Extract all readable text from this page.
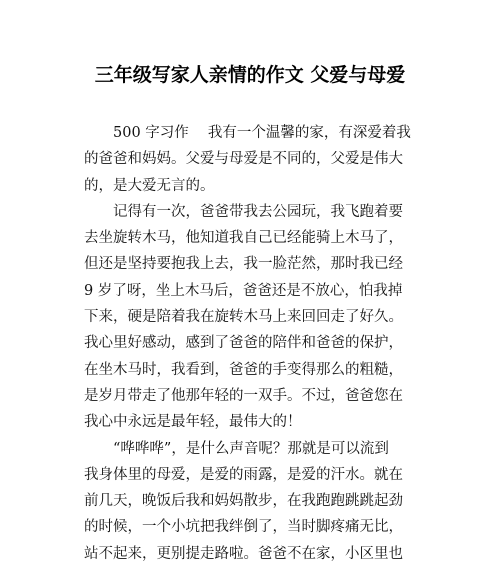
三年级写家人亲情的作文 父爱与母爱
　　500 字习作　 我有一个温馨的家，有深爱着我
的爸爸和妈妈。父爱与母爱是不同的，父爱是伟大
的，是大爱无言的。
　　记得有一次，爸爸带我去公园玩，我飞跑着要
去坐旋转木马，他知道我自己已经能骑上木马了，
但还是坚持要抱我上去，我一脸茫然，那时我已经
9 岁了呀，坐上木马后，爸爸还是不放心，怕我掉
下来，硬是陪着我在旋转木马上来回回走了好久。
我心里好感动，感到了爸爸的陪伴和爸爸的保护，
在坐木马时，我看到，爸爸的手变得那么的粗糙，
是岁月带走了他那年轻的一双手。不过，爸爸您在
我心中永远是最年轻，最伟大的！
　　“哗哗哗”，是什么声音呢？那就是可以流到
我身体里的母爱，是爱的雨露，是爱的汗水。就在
前几天，晚饭后我和妈妈散步，在我跑跑跳跳起劲
的时候，一个小坑把我绊倒了，当时脚疼痛无比，
站不起来，更别提走路啦。爸爸不在家，小区里也
